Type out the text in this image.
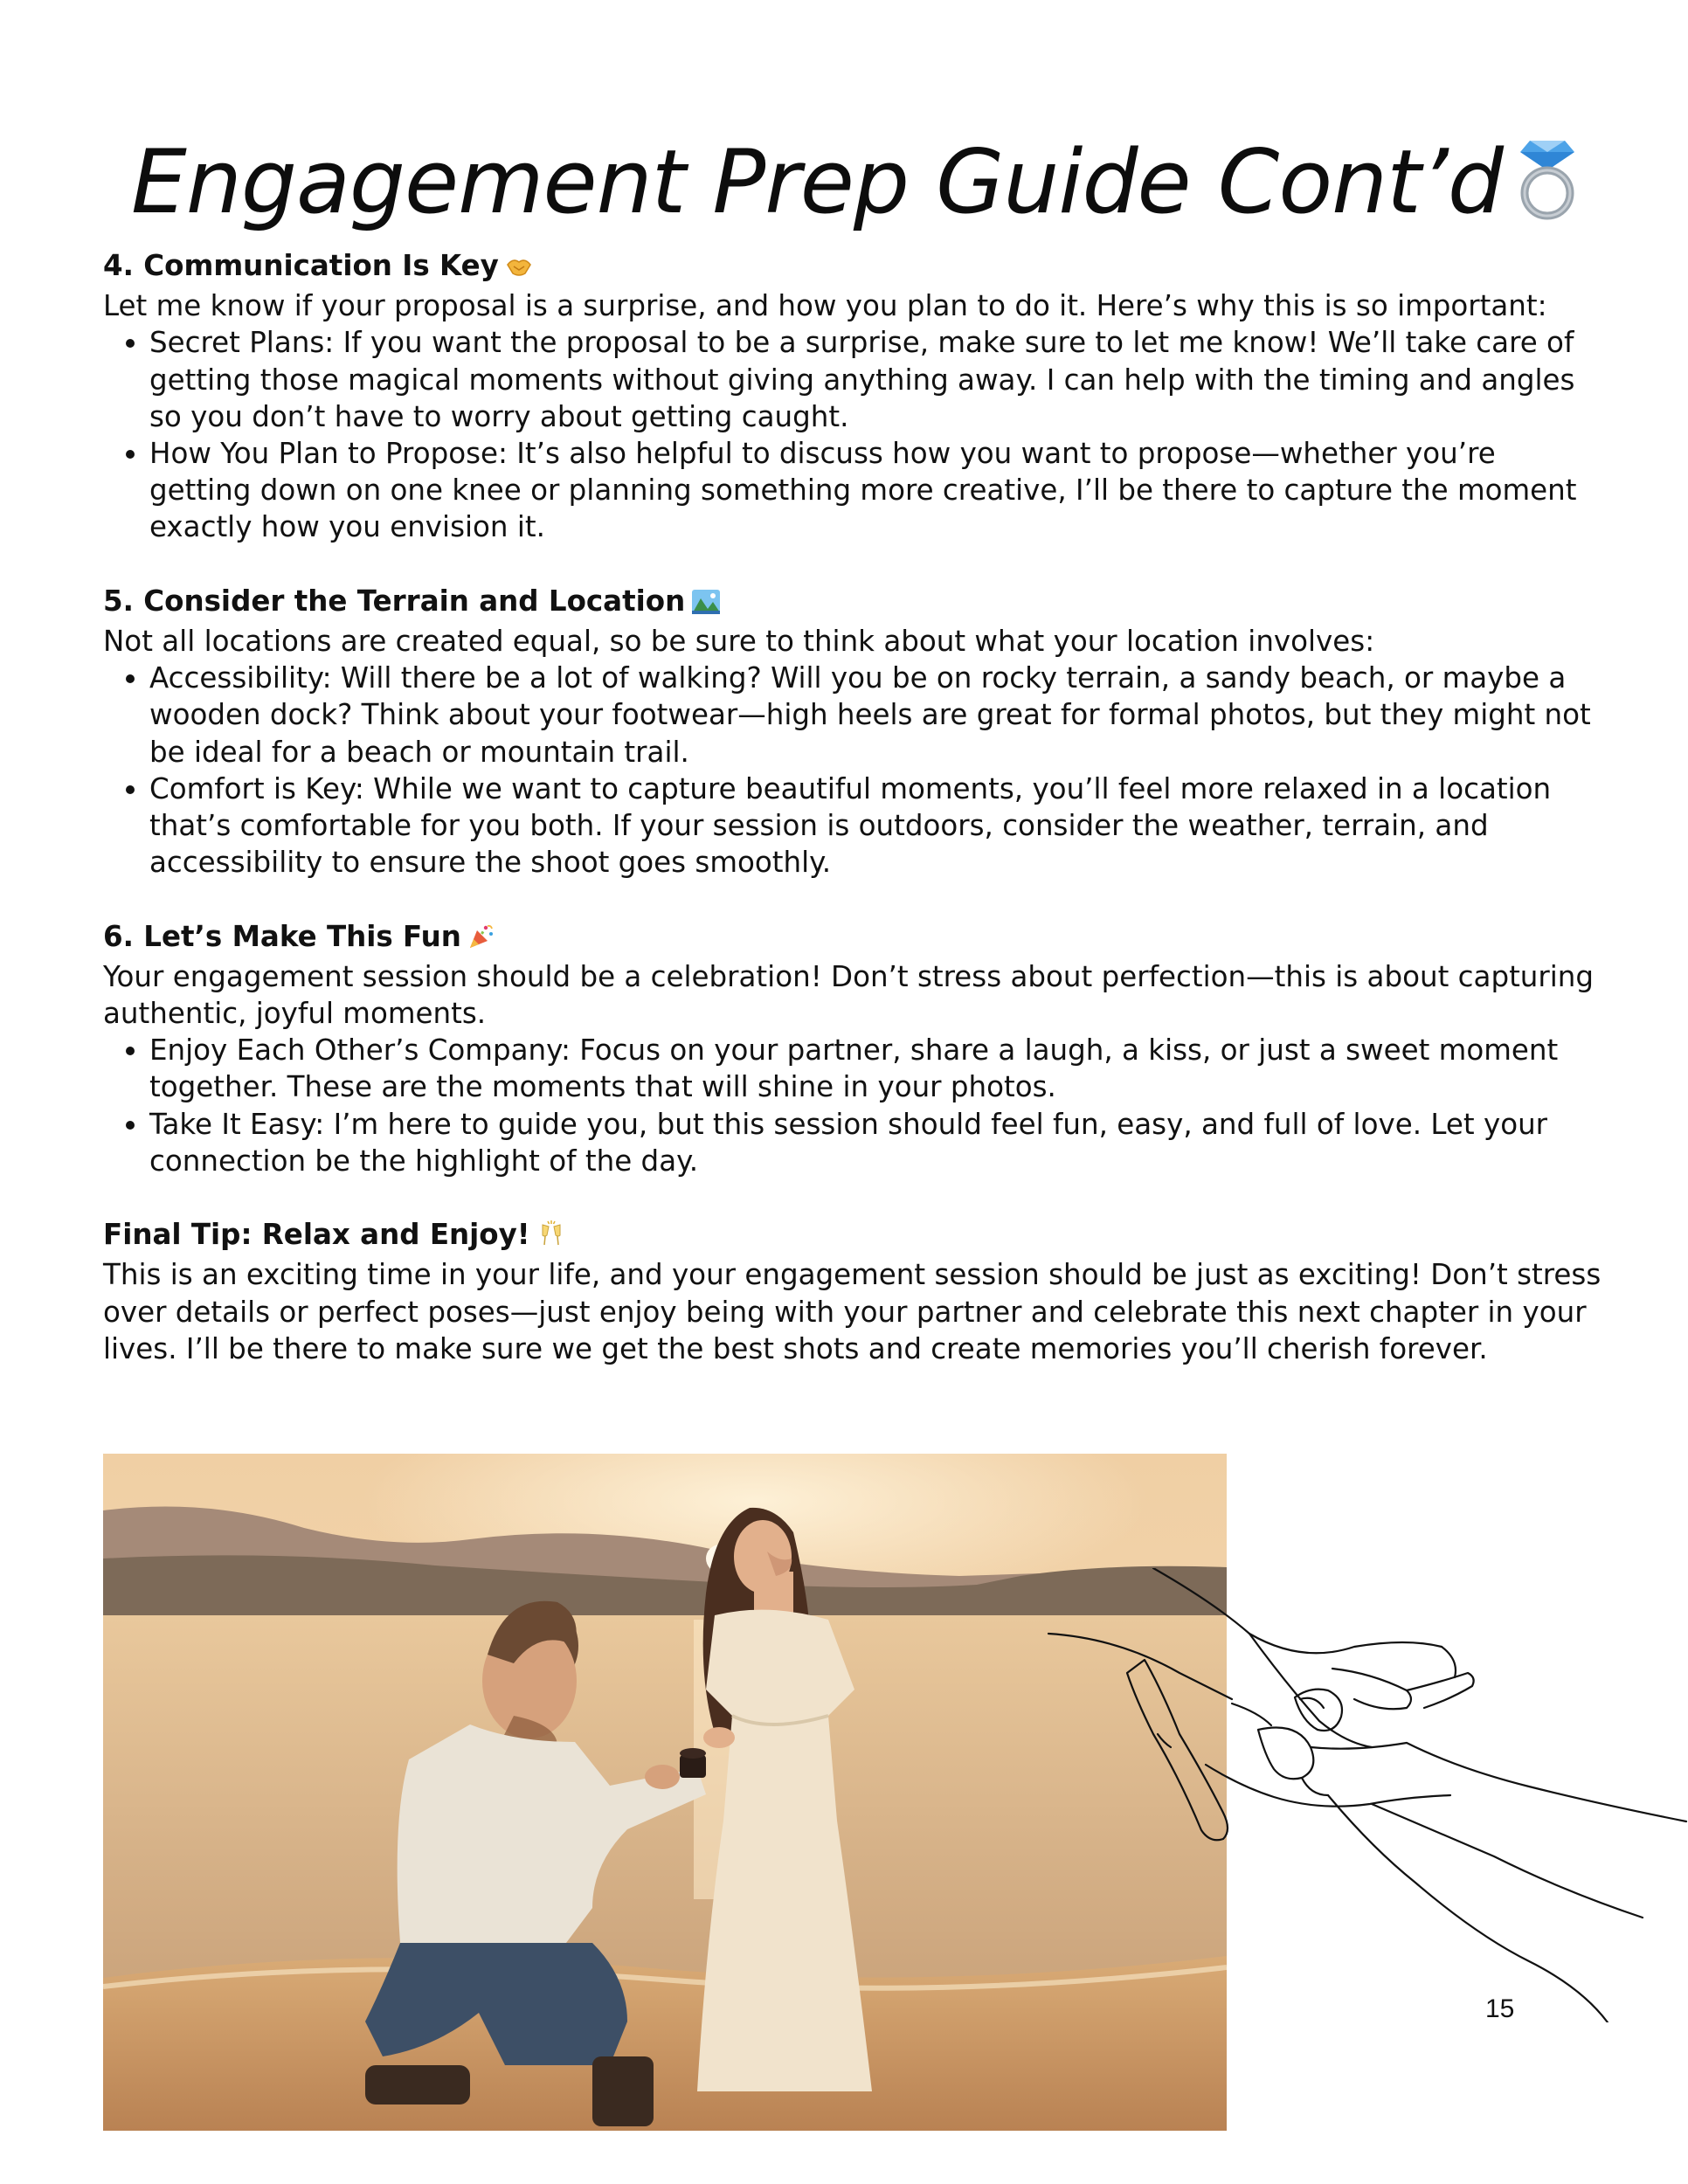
Engagement Prep Guide Cont’d
4. Communication Is Key

Let me know if your proposal is a surprise, and how you plan to do it. Here’s why this is so important:

• Secret Plans: If you want the proposal to be a surprise, make sure to let me know! We’ll take care of getting those magical moments without giving anything away. I can help with the timing and angles so you don’t have to worry about getting caught.
• How You Plan to Propose: It’s also helpful to discuss how you want to propose—whether you’re getting down on one knee or planning something more creative, I’ll be there to capture the moment exactly how you envision it.
5. Consider the Terrain and Location

Not all locations are created equal, so be sure to think about what your location involves:

• Accessibility: Will there be a lot of walking? Will you be on rocky terrain, a sandy beach, or maybe a wooden dock? Think about your footwear—high heels are great for formal photos, but they might not be ideal for a beach or mountain trail.
• Comfort is Key: While we want to capture beautiful moments, you’ll feel more relaxed in a location that’s comfortable for you both. If your session is outdoors, consider the weather, terrain, and accessibility to ensure the shoot goes smoothly.
6. Let’s Make This Fun

Your engagement session should be a celebration! Don’t stress about perfection—this is about capturing authentic, joyful moments.

• Enjoy Each Other’s Company: Focus on your partner, share a laugh, a kiss, or just a sweet moment together. These are the moments that will shine in your photos.
• Take It Easy: I’m here to guide you, but this session should feel fun, easy, and full of love. Let your connection be the highlight of the day.
Final Tip: Relax and Enjoy!

This is an exciting time in your life, and your engagement session should be just as exciting! Don’t stress over details or perfect poses—just enjoy being with your partner and celebrate this next chapter in your lives. I’ll be there to make sure we get the best shots and create memories you’ll cherish forever.

15
